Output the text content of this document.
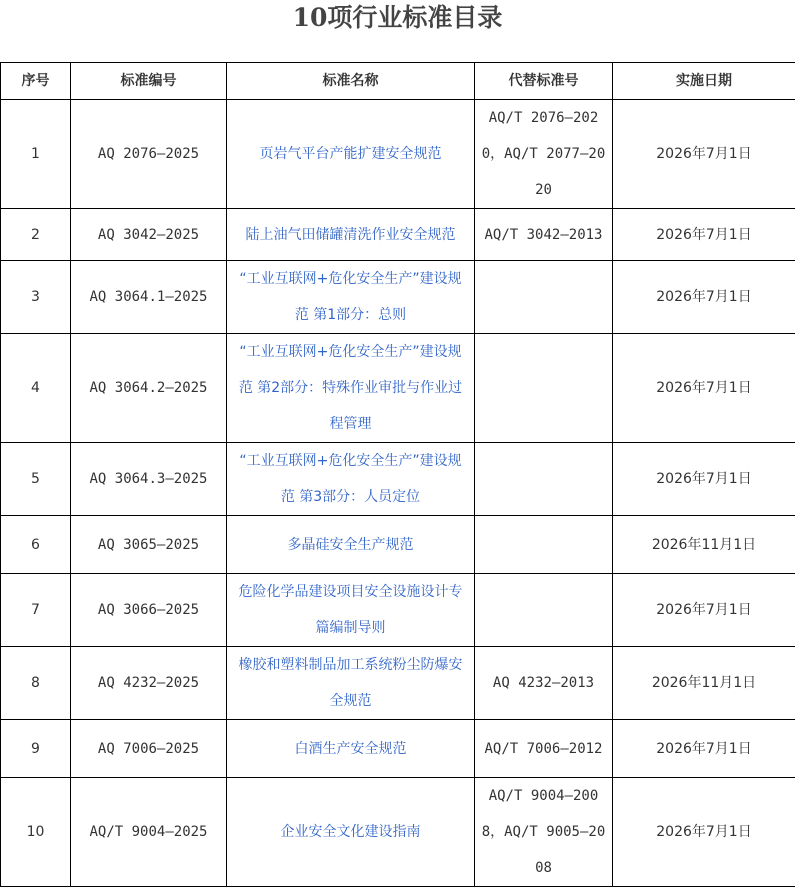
10项行业标准目录
序号	标准编号	标准名称	代替标准号	实施日期
1	AQ 2076—2025	页岩气平台产能扩建安全规范	AQ/T 2076—2020，AQ/T 2077—2020	2026年7月1日
2	AQ 3042—2025	陆上油气田储罐清洗作业安全规范	AQ/T 3042—2013	2026年7月1日
3	AQ 3064.1—2025	“工业互联网+危化安全生产”建设规范 第1部分：总则		2026年7月1日
4	AQ 3064.2—2025	“工业互联网+危化安全生产”建设规范 第2部分：特殊作业审批与作业过程管理		2026年7月1日
5	AQ 3064.3—2025	“工业互联网+危化安全生产”建设规范 第3部分：人员定位		2026年7月1日
6	AQ 3065—2025	多晶硅安全生产规范		2026年11月1日
7	AQ 3066—2025	危险化学品建设项目安全设施设计专篇编制导则		2026年7月1日
8	AQ 4232—2025	橡胶和塑料制品加工系统粉尘防爆安全规范	AQ 4232—2013	2026年11月1日
9	AQ 7006—2025	白酒生产安全规范	AQ/T 7006—2012	2026年7月1日
10	AQ/T 9004—2025	企业安全文化建设指南	AQ/T 9004—2008，AQ/T 9005—2008	2026年7月1日
